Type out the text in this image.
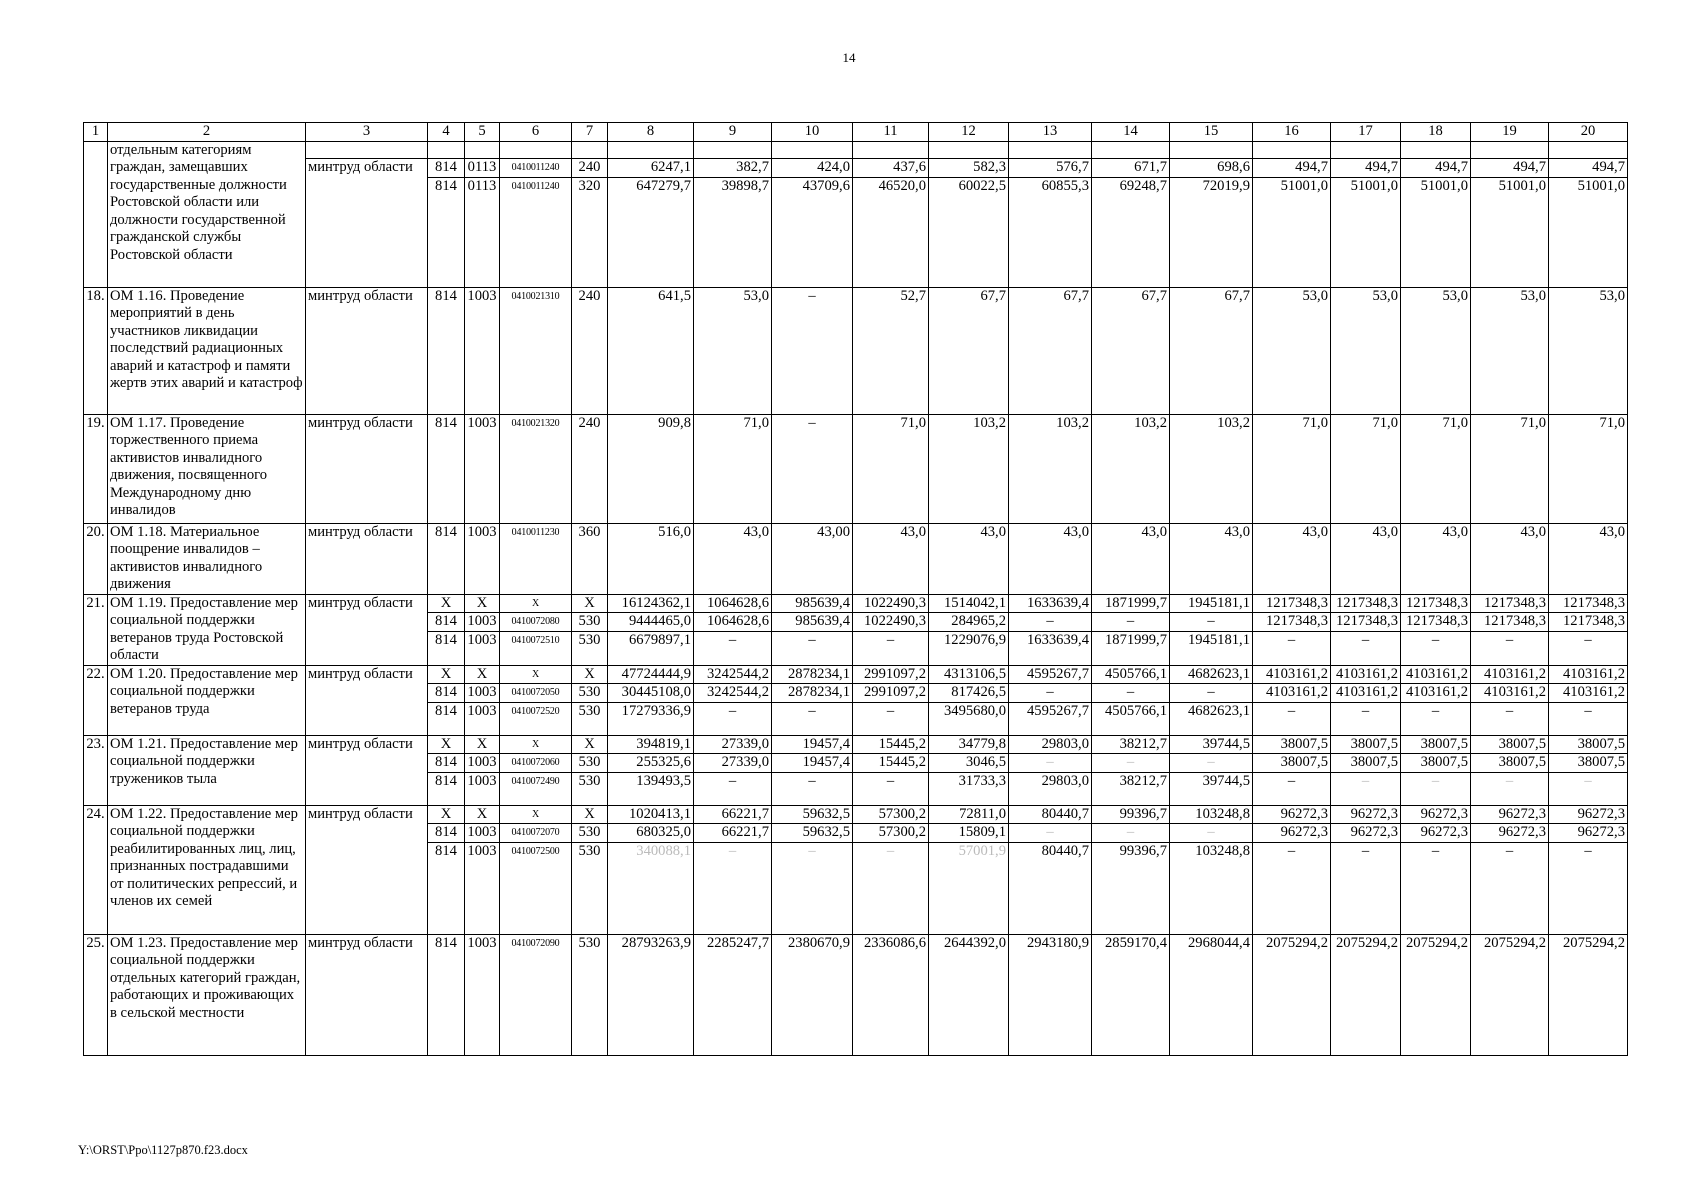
14
1	2	3	4	5	6	7	8	9	10	11	12	13	14	15	16	17	18	19	20
	отдельным категориям граждан, замещавших государственные должности Ростовской области или должности государственной гражданской службы Ростовской области																		
		минтруд области	814	0113	0410011240	240	6247,1	382,7	424,0	437,6	582,3	576,7	671,7	698,6	494,7	494,7	494,7	494,7	494,7
			814	0113	0410011240	320	647279,7	39898,7	43709,6	46520,0	60022,5	60855,3	69248,7	72019,9	51001,0	51001,0	51001,0	51001,0	51001,0
18.	ОМ 1.16. Проведение мероприятий в день участников ликвидации последствий радиационных аварий и катастроф и памяти жертв этих аварий и катастроф	минтруд области	814	1003	0410021310	240	641,5	53,0	–	52,7	67,7	67,7	67,7	67,7	53,0	53,0	53,0	53,0	53,0
19.	ОМ 1.17. Проведение торжественного приема активистов инвалидного движения, посвященного Международному дню инвалидов	минтруд области	814	1003	0410021320	240	909,8	71,0	–	71,0	103,2	103,2	103,2	103,2	71,0	71,0	71,0	71,0	71,0
20.	ОМ 1.18. Материальное поощрение инвалидов – активистов инвалидного движения	минтруд области	814	1003	0410011230	360	516,0	43,0	43,00	43,0	43,0	43,0	43,0	43,0	43,0	43,0	43,0	43,0	43,0
21.	ОМ 1.19. Предоставление мер социальной поддержки ветеранов труда Ростовской области	минтруд области	Х	Х	Х	Х	16124362,1	1064628,6	985639,4	1022490,3	1514042,1	1633639,4	1871999,7	1945181,1	1217348,3	1217348,3	1217348,3	1217348,3	1217348,3
			814	1003	0410072080	530	9444465,0	1064628,6	985639,4	1022490,3	284965,2	–	–	–	1217348,3	1217348,3	1217348,3	1217348,3	1217348,3
			814	1003	0410072510	530	6679897,1	–	–	–	1229076,9	1633639,4	1871999,7	1945181,1	–	–	–	–	–
22.	ОМ 1.20. Предоставление мер социальной поддержки ветеранов труда	минтруд области	Х	Х	Х	Х	47724444,9	3242544,2	2878234,1	2991097,2	4313106,5	4595267,7	4505766,1	4682623,1	4103161,2	4103161,2	4103161,2	4103161,2	4103161,2
			814	1003	0410072050	530	30445108,0	3242544,2	2878234,1	2991097,2	817426,5	–	–	–	4103161,2	4103161,2	4103161,2	4103161,2	4103161,2
			814	1003	0410072520	530	17279336,9	–	–	–	3495680,0	4595267,7	4505766,1	4682623,1	–	–	–	–	–
23.	ОМ 1.21. Предоставление мер социальной поддержки тружеников тыла	минтруд области	Х	Х	Х	Х	394819,1	27339,0	19457,4	15445,2	34779,8	29803,0	38212,7	39744,5	38007,5	38007,5	38007,5	38007,5	38007,5
			814	1003	0410072060	530	255325,6	27339,0	19457,4	15445,2	3046,5	–	–	–	38007,5	38007,5	38007,5	38007,5	38007,5
			814	1003	0410072490	530	139493,5	–	–	–	31733,3	29803,0	38212,7	39744,5	–	–	–	–	–
24.	ОМ 1.22. Предоставление мер социальной поддержки реабилитированных лиц, лиц, признанных пострадавшими от политических репрессий, и членов их семей	минтруд области	Х	Х	Х	Х	1020413,1	66221,7	59632,5	57300,2	72811,0	80440,7	99396,7	103248,8	96272,3	96272,3	96272,3	96272,3	96272,3
			814	1003	0410072070	530	680325,0	66221,7	59632,5	57300,2	15809,1	–	–	–	96272,3	96272,3	96272,3	96272,3	96272,3
			814	1003	0410072500	530	340088,1	–	–	–	57001,9	80440,7	99396,7	103248,8	–	–	–	–	–
25.	ОМ 1.23. Предоставление мер социальной поддержки отдельных категорий граждан, работающих и проживающих в сельской местности	минтруд области	814	1003	0410072090	530	28793263,9	2285247,7	2380670,9	2336086,6	2644392,0	2943180,9	2859170,4	2968044,4	2075294,2	2075294,2	2075294,2	2075294,2	2075294,2
Y:\ORST\Ppo\1127p870.f23.docx
